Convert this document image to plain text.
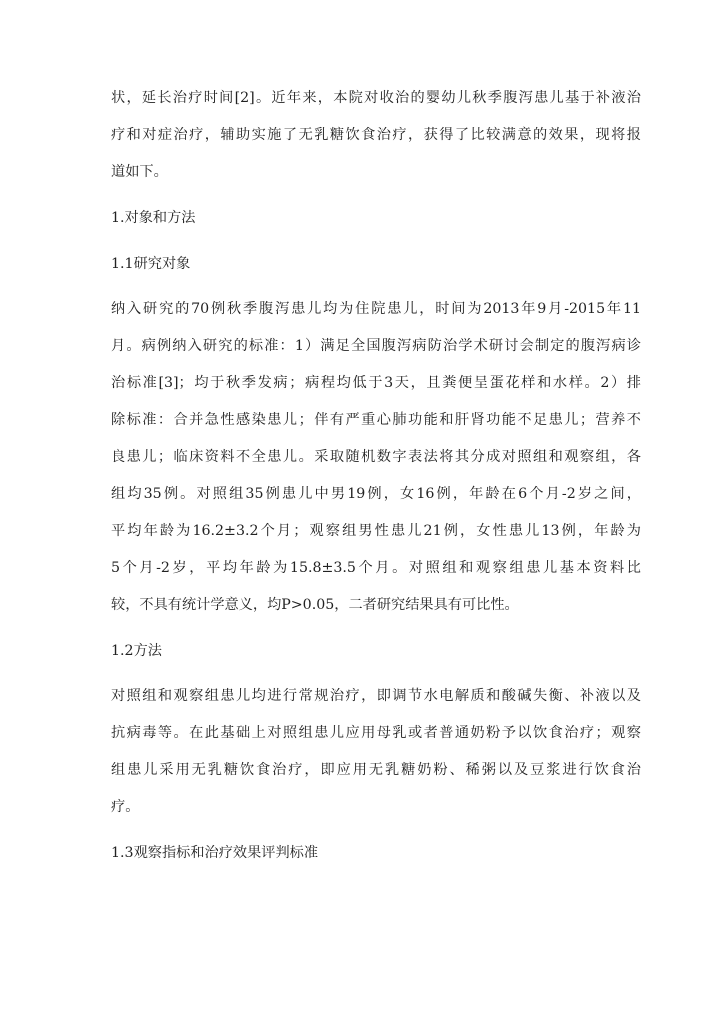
状，延长治疗时间[2]。近年来，本院对收治的婴幼儿秋季腹泻患儿基于补液治
疗和对症治疗，辅助实施了无乳糖饮食治疗，获得了比较满意的效果，现将报
道如下。
1.对象和方法
1.1研究对象
纳入研究的70例秋季腹泻患儿均为住院患儿，时间为2013年9月-2015年11
月。病例纳入研究的标准：1）满足全国腹泻病防治学术研讨会制定的腹泻病诊
治标准[3]；均于秋季发病；病程均低于3天，且粪便呈蛋花样和水样。2）排
除标准：合并急性感染患儿；伴有严重心肺功能和肝肾功能不足患儿；营养不
良患儿；临床资料不全患儿。采取随机数字表法将其分成对照组和观察组，各
组均35例。对照组35例患儿中男19例，女16例，年龄在6个月-2岁之间，
平均年龄为16.2±3.2个月；观察组男性患儿21例，女性患儿13例，年龄为
5个月-2岁，平均年龄为15.8±3.5个月。对照组和观察组患儿基本资料比
较，不具有统计学意义，均P>0.05，二者研究结果具有可比性。
1.2方法
对照组和观察组患儿均进行常规治疗，即调节水电解质和酸碱失衡、补液以及
抗病毒等。在此基础上对照组患儿应用母乳或者普通奶粉予以饮食治疗；观察
组患儿采用无乳糖饮食治疗，即应用无乳糖奶粉、稀粥以及豆浆进行饮食治
疗。
1.3观察指标和治疗效果评判标准
